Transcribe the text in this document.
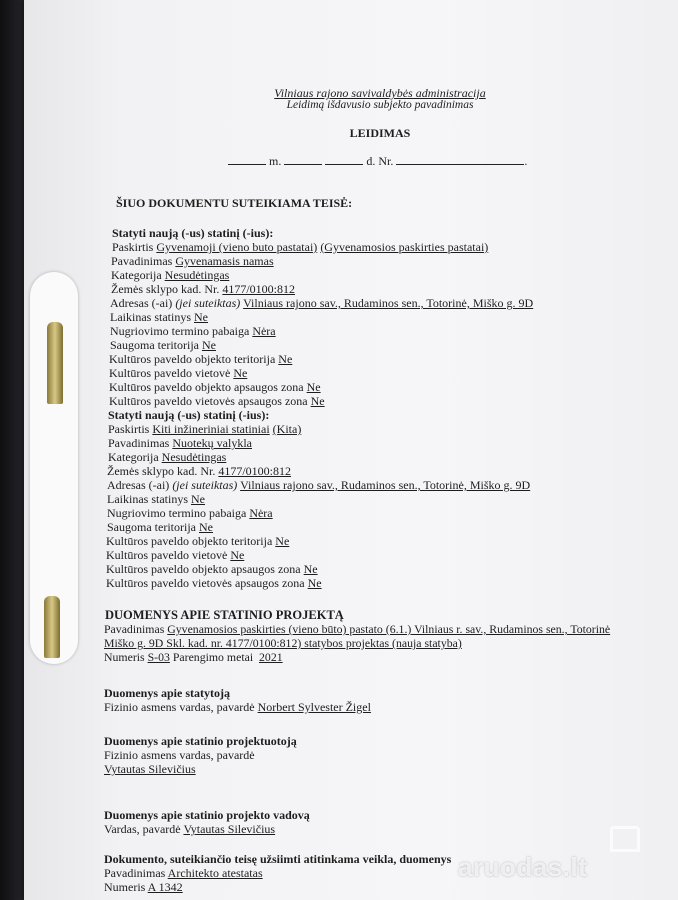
Vilniaus rajono savivaldybės administracija
Leidimą išdavusio subjekto pavadinimas
LEIDIMAS
m.	d. Nr.	.
ŠIUO DOKUMENTU SUTEIKIAMA TEISĖ:
Statyti naują (-us) statinį (-ius):
Paskirtis Gyvenamoji (vieno buto pastatai) (Gyvenamosios paskirties pastatai)
Pavadinimas Gyvenamasis namas
Kategorija Nesudėtingas
Žemės sklypo kad. Nr. 4177/0100:812
Adresas (-ai) (jei suteiktas) Vilniaus rajono sav., Rudaminos sen., Totorinė, Miško g. 9D
Laikinas statinys Ne
Nugriovimo termino pabaiga Nėra
Saugoma teritorija Ne
Kultūros paveldo objekto teritorija Ne
Kultūros paveldo vietovė Ne
Kultūros paveldo objekto apsaugos zona Ne
Kultūros paveldo vietovės apsaugos zona Ne
Statyti naują (-us) statinį (-ius):
Paskirtis Kiti inžineriniai statiniai (Kita)
Pavadinimas Nuotekų valykla
Kategorija Nesudėtingas
Žemės sklypo kad. Nr. 4177/0100:812
Adresas (-ai) (jei suteiktas) Vilniaus rajono sav., Rudaminos sen., Totorinė, Miško g. 9D
Laikinas statinys Ne
Nugriovimo termino pabaiga Nėra
Saugoma teritorija Ne
Kultūros paveldo objekto teritorija Ne
Kultūros paveldo vietovė Ne
Kultūros paveldo objekto apsaugos zona Ne
Kultūros paveldo vietovės apsaugos zona Ne
DUOMENYS APIE STATINIO PROJEKTĄ
Pavadinimas Gyvenamosios paskirties (vieno būto) pastato (6.1.) Vilniaus r. sav., Rudaminos sen., Totorinė
Miško g. 9D Skl. kad. nr. 4177/0100:812) statybos projektas (nauja statyba)
Numeris S-03 Parengimo metai 2021
Duomenys apie statytoją
Fizinio asmens vardas, pavardė Norbert Sylvester Žigel
Duomenys apie statinio projektuotoją
Fizinio asmens vardas, pavardė
Vytautas Silevičius
Duomenys apie statinio projekto vadovą
Vardas, pavardė Vytautas Silevičius
Dokumento, suteikiančio teisę užsiimti atitinkama veikla, duomenys
Pavadinimas Architekto atestatas
Numeris A 1342
aruodas.lt
